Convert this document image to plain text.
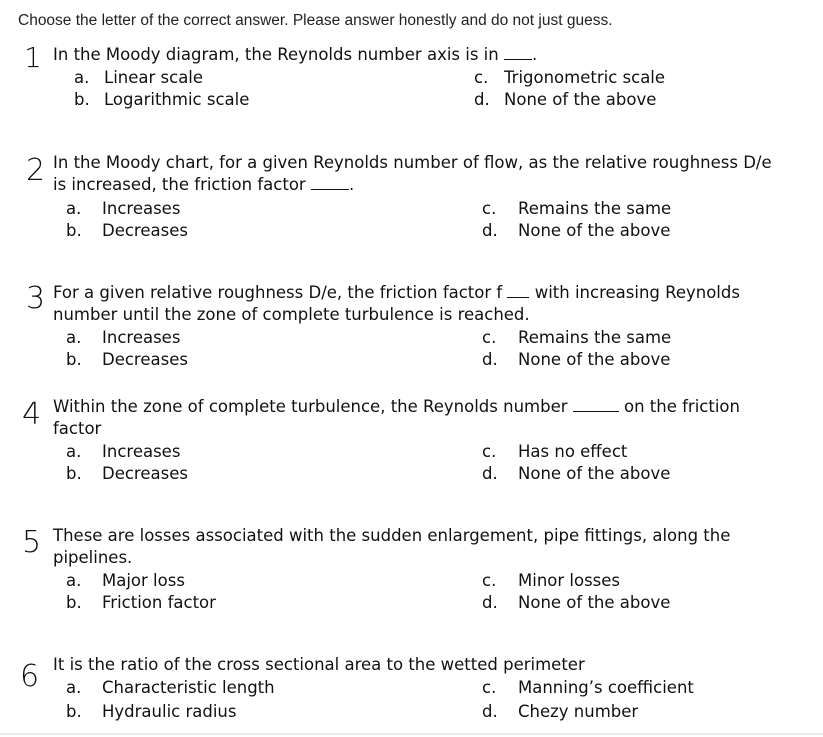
Choose the letter of the correct answer. Please answer honestly and do not just guess.
1 In the Moody diagram, the Reynolds number axis is in .
a. Linear scale
b. Logarithmic scale
c. Trigonometric scale
d. None of the above
2 In the Moody chart, for a given Reynolds number of flow, as the relative roughness D/e
is increased, the friction factor .
a. Increases
b. Decreases
c. Remains the same
d. None of the above
3 For a given relative roughness D/e, the friction factor f  with increasing Reynolds
number until the zone of complete turbulence is reached.
a. Increases
b. Decreases
c. Remains the same
d. None of the above
4 Within the zone of complete turbulence, the Reynolds number	on the friction
factor
a. Increases
b. Decreases
c. Has no effect
d. None of the above
5 These are losses associated with the sudden enlargement, pipe fittings, along the
pipelines.
a. Major loss
b. Friction factor
c. Minor losses
d. None of the above
6 It is the ratio of the cross sectional area to the wetted perimeter
a. Characteristic length
b. Hydraulic radius
c. Manning’s coefficient
d. Chezy number
